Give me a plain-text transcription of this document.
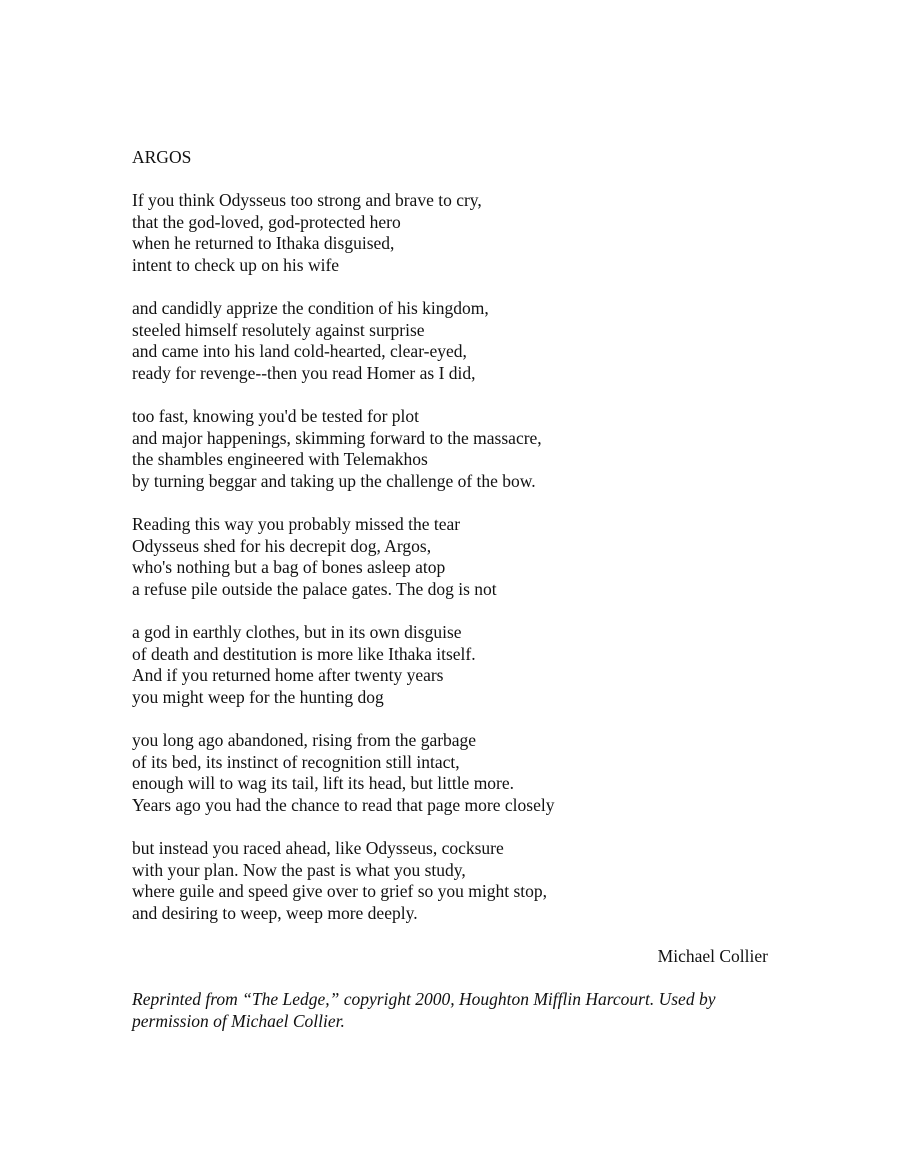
ARGOS
If you think Odysseus too strong and brave to cry,
that the god-loved, god-protected hero
when he returned to Ithaka disguised,
intent to check up on his wife
and candidly apprize the condition of his kingdom,
steeled himself resolutely against surprise
and came into his land cold-hearted, clear-eyed,
ready for revenge--then you read Homer as I did,
too fast, knowing you'd be tested for plot
and major happenings, skimming forward to the massacre,
the shambles engineered with Telemakhos
by turning beggar and taking up the challenge of the bow.
Reading this way you probably missed the tear
Odysseus shed for his decrepit dog, Argos,
who's nothing but a bag of bones asleep atop
a refuse pile outside the palace gates. The dog is not
a god in earthly clothes, but in its own disguise
of death and destitution is more like Ithaka itself.
And if you returned home after twenty years
you might weep for the hunting dog
you long ago abandoned, rising from the garbage
of its bed, its instinct of recognition still intact,
enough will to wag its tail, lift its head, but little more.
Years ago you had the chance to read that page more closely
but instead you raced ahead, like Odysseus, cocksure
with your plan. Now the past is what you study,
where guile and speed give over to grief so you might stop,
and desiring to weep, weep more deeply.
Michael Collier
Reprinted from “The Ledge,” copyright 2000, Houghton Mifflin Harcourt. Used by
permission of Michael Collier.
